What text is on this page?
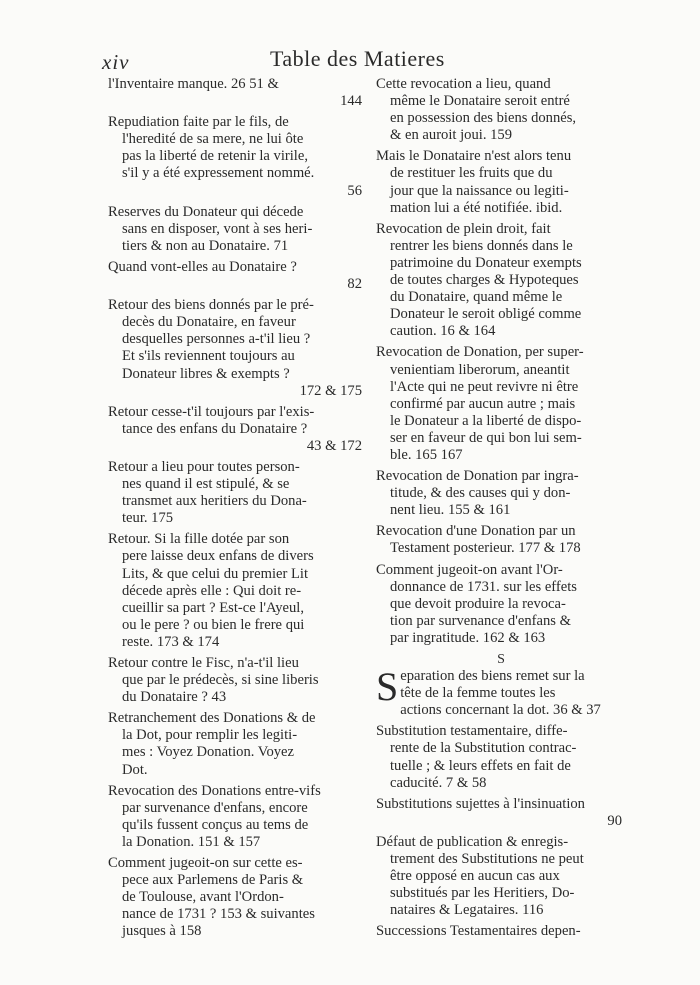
xiv	Table des Matieres
l'Inventaire manque. 26 51 &
144
Repudiation faite par le fils, de
l'heredité de sa mere, ne lui ôte
pas la liberté de retenir la virile,
s'il y a été expressement nommé.
56
Reserves du Donateur qui décede
sans en disposer, vont à ses heri-
tiers & non au Donataire. 71
Quand vont-elles au Donataire ?
82
Retour des biens donnés par le pré-
decès du Donataire, en faveur
desquelles personnes a-t'il lieu ?
Et s'ils reviennent toujours au
Donateur libres & exempts ?
172 & 175
Retour cesse-t'il toujours par l'exis-
tance des enfans du Donataire ?
43 & 172
Retour a lieu pour toutes person-
nes quand il est stipulé, & se
transmet aux heritiers du Dona-
teur. 175
Retour. Si la fille dotée par son
pere laisse deux enfans de divers
Lits, & que celui du premier Lit
décede après elle : Qui doit re-
cueillir sa part ? Est-ce l'Ayeul,
ou le pere ? ou bien le frere qui
reste. 173 & 174
Retour contre le Fisc, n'a-t'il lieu
que par le prédecès, si sine liberis
du Donataire ? 43
Retranchement des Donations & de
la Dot, pour remplir les legiti-
mes : Voyez Donation. Voyez
Dot.
Revocation des Donations entre-vifs
par survenance d'enfans, encore
qu'ils fussent conçus au tems de
la Donation. 151 & 157
Comment jugeoit-on sur cette es-
pece aux Parlemens de Paris &
de Toulouse, avant l'Ordon-
nance de 1731 ? 153 & suivantes
jusques à 158
Cette revocation a lieu, quand
même le Donataire seroit entré
en possession des biens donnés,
& en auroit joui. 159
Mais le Donataire n'est alors tenu
de restituer les fruits que du
jour que la naissance ou legiti-
mation lui a été notifiée. ibid.
Revocation de plein droit, fait
rentrer les biens donnés dans le
patrimoine du Donateur exempts
de toutes charges & Hypoteques
du Donataire, quand même le
Donateur le seroit obligé comme
caution. 16 & 164
Revocation de Donation, per super-
venientiam liberorum, aneantit
l'Acte qui ne peut revivre ni être
confirmé par aucun autre ; mais
le Donateur a la liberté de dispo-
ser en faveur de qui bon lui sem-
ble. 165 167
Revocation de Donation par ingra-
titude, & des causes qui y don-
nent lieu. 155 & 161
Revocation d'une Donation par un
Testament posterieur. 177 & 178
Comment jugeoit-on avant l'Or-
donnance de 1731. sur les effets
que devoit produire la revoca-
tion par survenance d'enfans &
par ingratitude. 162 & 163
S
S eparation des biens remet sur la
tête de la femme toutes les
actions concernant la dot. 36 & 37
Substitution testamentaire, diffe-
rente de la Substitution contrac-
tuelle ; & leurs effets en fait de
caducité. 7 & 58
Substitutions sujettes à l'insinuation
90
Défaut de publication & enregis-
trement des Substitutions ne peut
être opposé en aucun cas aux
substitués par les Heritiers, Do-
nataires & Legataires. 116
Successions Testamentaires depen-
